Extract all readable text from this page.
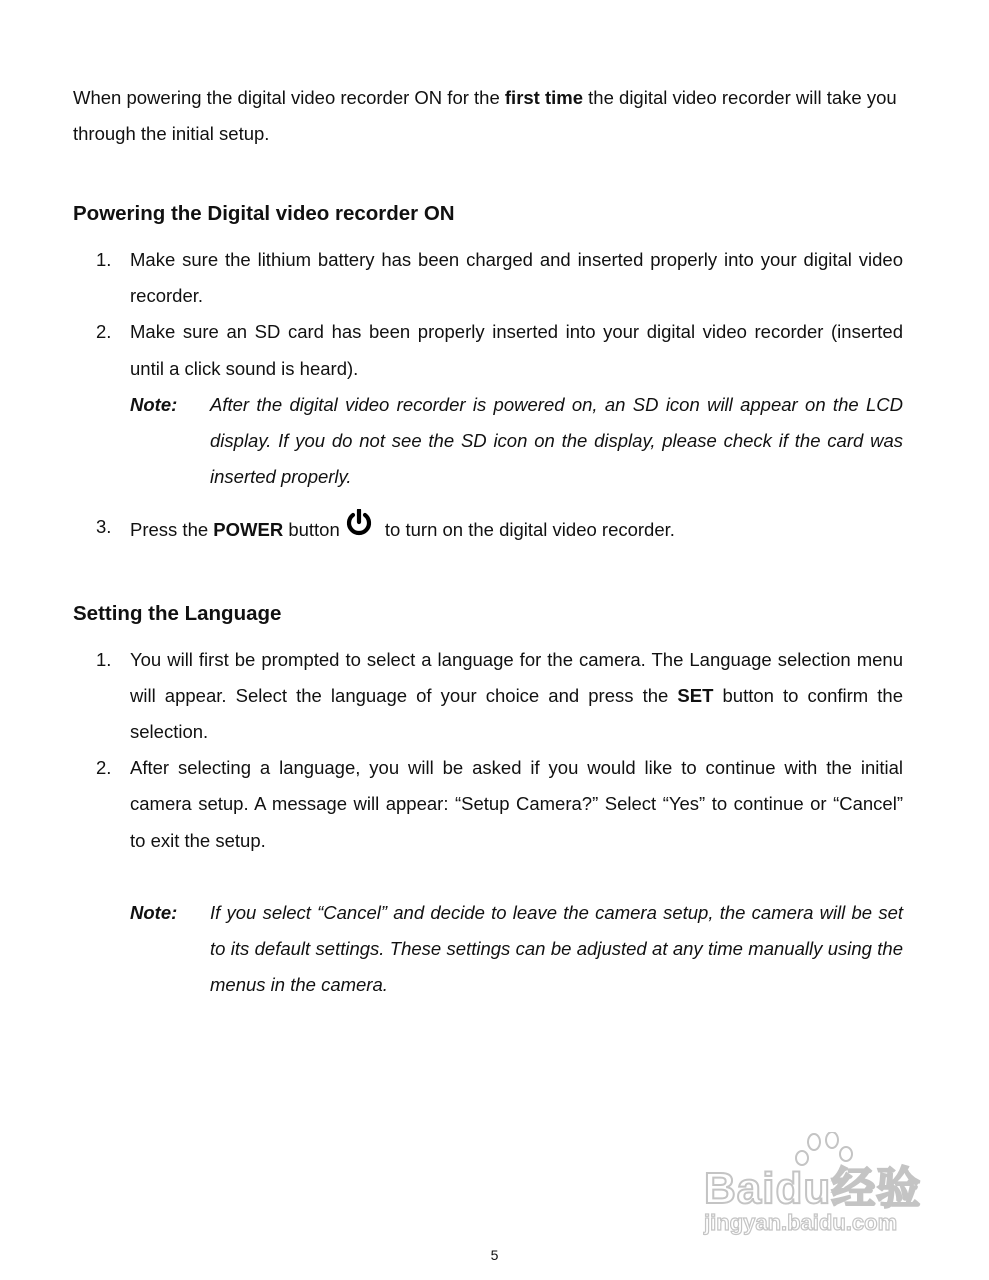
When powering the digital video recorder ON for the first time the digital video recorder will take you through the initial setup.

Powering the Digital video recorder ON
1. Make sure the lithium battery has been charged and inserted properly into your digital video recorder.
2. Make sure an SD card has been properly inserted into your digital video recorder (inserted until a click sound is heard).
Note:	After the digital video recorder is powered on, an SD icon will appear on the LCD display. If you do not see the SD icon on the display, please check if the card was inserted properly.
3. Press the POWER button to turn on the digital video recorder.
Setting the Language
1. You will first be prompted to select a language for the camera. The Language selection menu will appear. Select the language of your choice and press the SET button to confirm the selection.
2. After selecting a language, you will be asked if you would like to continue with the initial camera setup. A message will appear: “Setup Camera?” Select “Yes” to continue or “Cancel” to exit the setup.
Note:	If you select “Cancel” and decide to leave the camera setup, the camera will be set to its default settings. These settings can be adjusted at any time manually using the menus in the camera.
Baidu经验
jingyan.baidu.com
5
